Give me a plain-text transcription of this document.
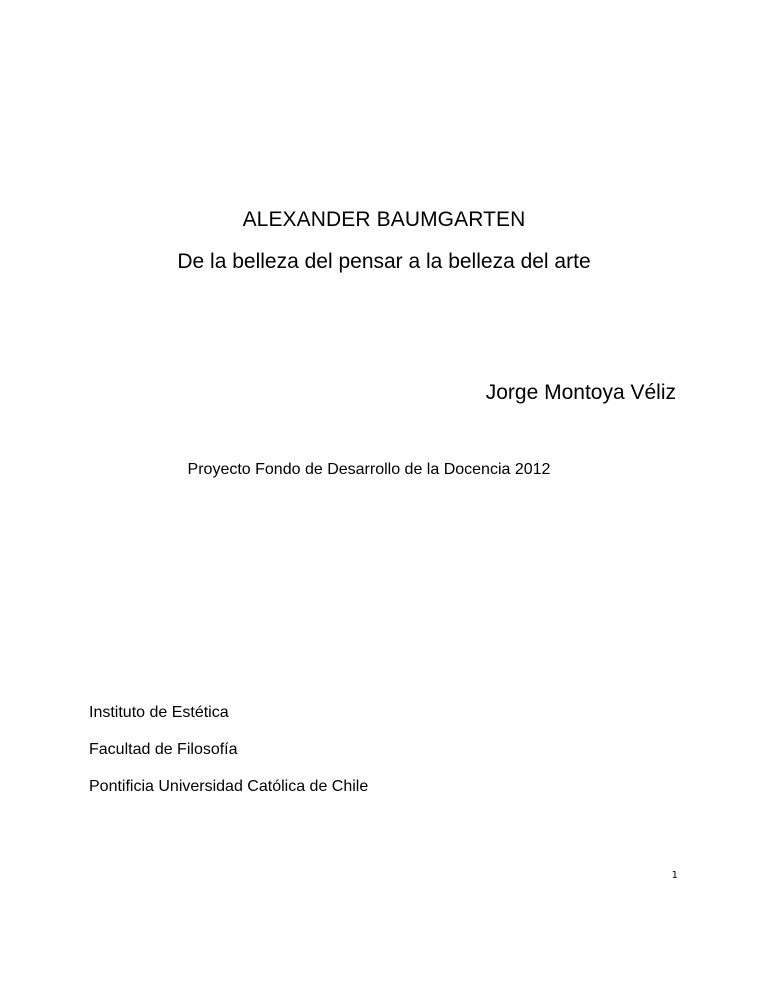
ALEXANDER BAUMGARTEN
De la belleza del pensar a la belleza del arte
Jorge Montoya Véliz
Proyecto Fondo de Desarrollo de la Docencia 2012
Instituto de Estética
Facultad de Filosofía
Pontificia Universidad Católica de Chile
1
